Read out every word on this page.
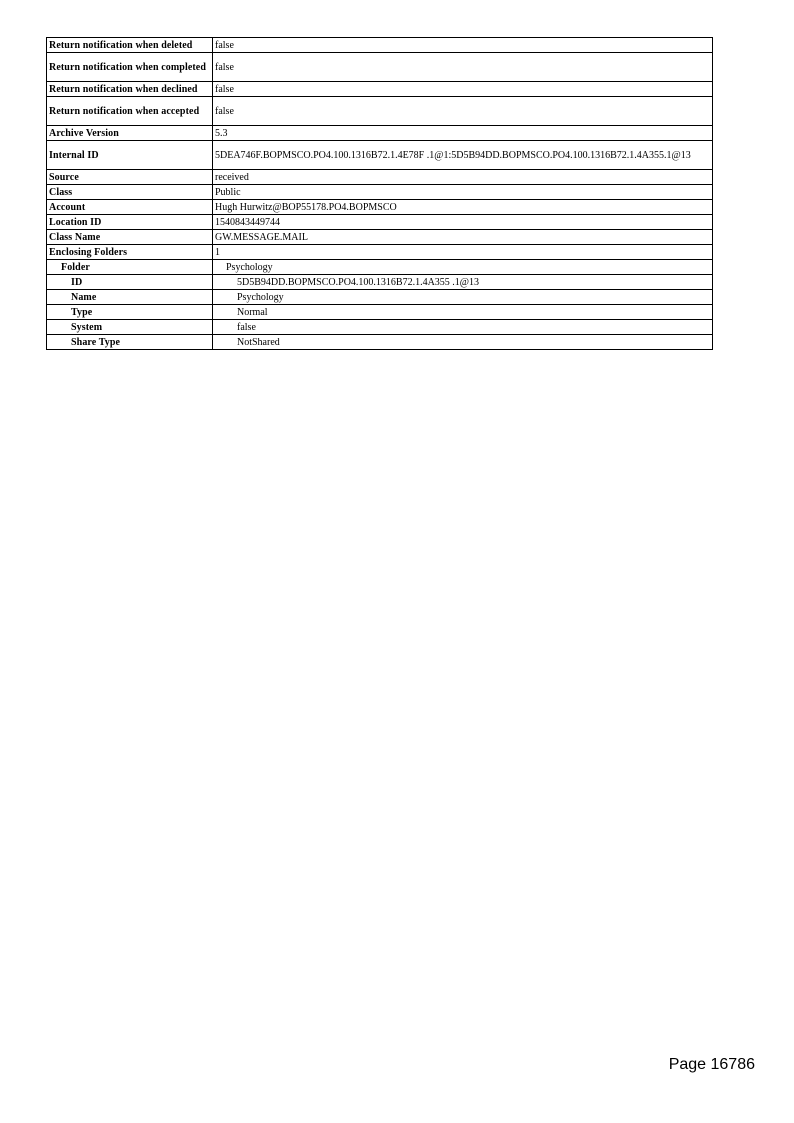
Return notification when deleted	false
Return notification when completed	false
Return notification when declined	false
Return notification when accepted	false
Archive Version	5.3
Internal ID	5DEA746F.BOPMSCO.PO4.100.1316B72.1.4E78F .1@1:5D5B94DD.BOPMSCO.PO4.100.1316B72.1.4A355.1@13
Source	received
Class	Public
Account	Hugh Hurwitz@BOP55178.PO4.BOPMSCO
Location ID	1540843449744
Class Name	GW.MESSAGE.MAIL
Enclosing Folders	1
Folder	Psychology
ID	5D5B94DD.BOPMSCO.PO4.100.1316B72.1.4A355 .1@13
Name	Psychology
Type	Normal
System	false
Share Type	NotShared
Page 16786
